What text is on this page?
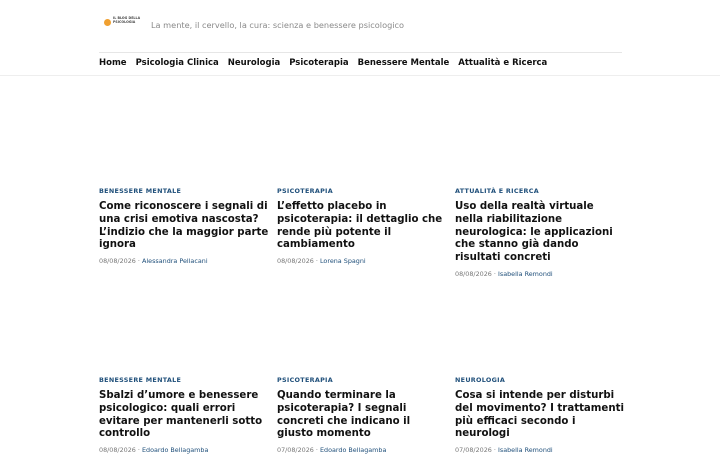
IL BLOG DELLA PSICOLOGIA	La mente, il cervello, la cura: scienza e benessere psicologico
Home Psicologia Clinica Neurologia Psicoterapia Benessere Mentale Attualità e Ricerca
BENESSERE MENTALE
Come riconoscere i segnali di una crisi emotiva nascosta? L’indizio che la maggior parte ignora
08/08/2026 · Alessandra Pellacani
PSICOTERAPIA
L’effetto placebo in psicoterapia: il dettaglio che rende più potente il cambiamento
08/08/2026 · Lorena Spagni
ATTUALITÀ E RICERCA
Uso della realtà virtuale nella riabilitazione neurologica: le applicazioni che stanno già dando risultati concreti
08/08/2026 · Isabella Remondi
BENESSERE MENTALE
Sbalzi d’umore e benessere psicologico: quali errori evitare per mantenerli sotto controllo
08/08/2026 · Edoardo Bellagamba
PSICOTERAPIA
Quando terminare la psicoterapia? I segnali concreti che indicano il giusto momento
07/08/2026 · Edoardo Bellagamba
NEUROLOGIA
Cosa si intende per disturbi del movimento? I trattamenti più efficaci secondo i neurologi
07/08/2026 · Isabella Remondi
